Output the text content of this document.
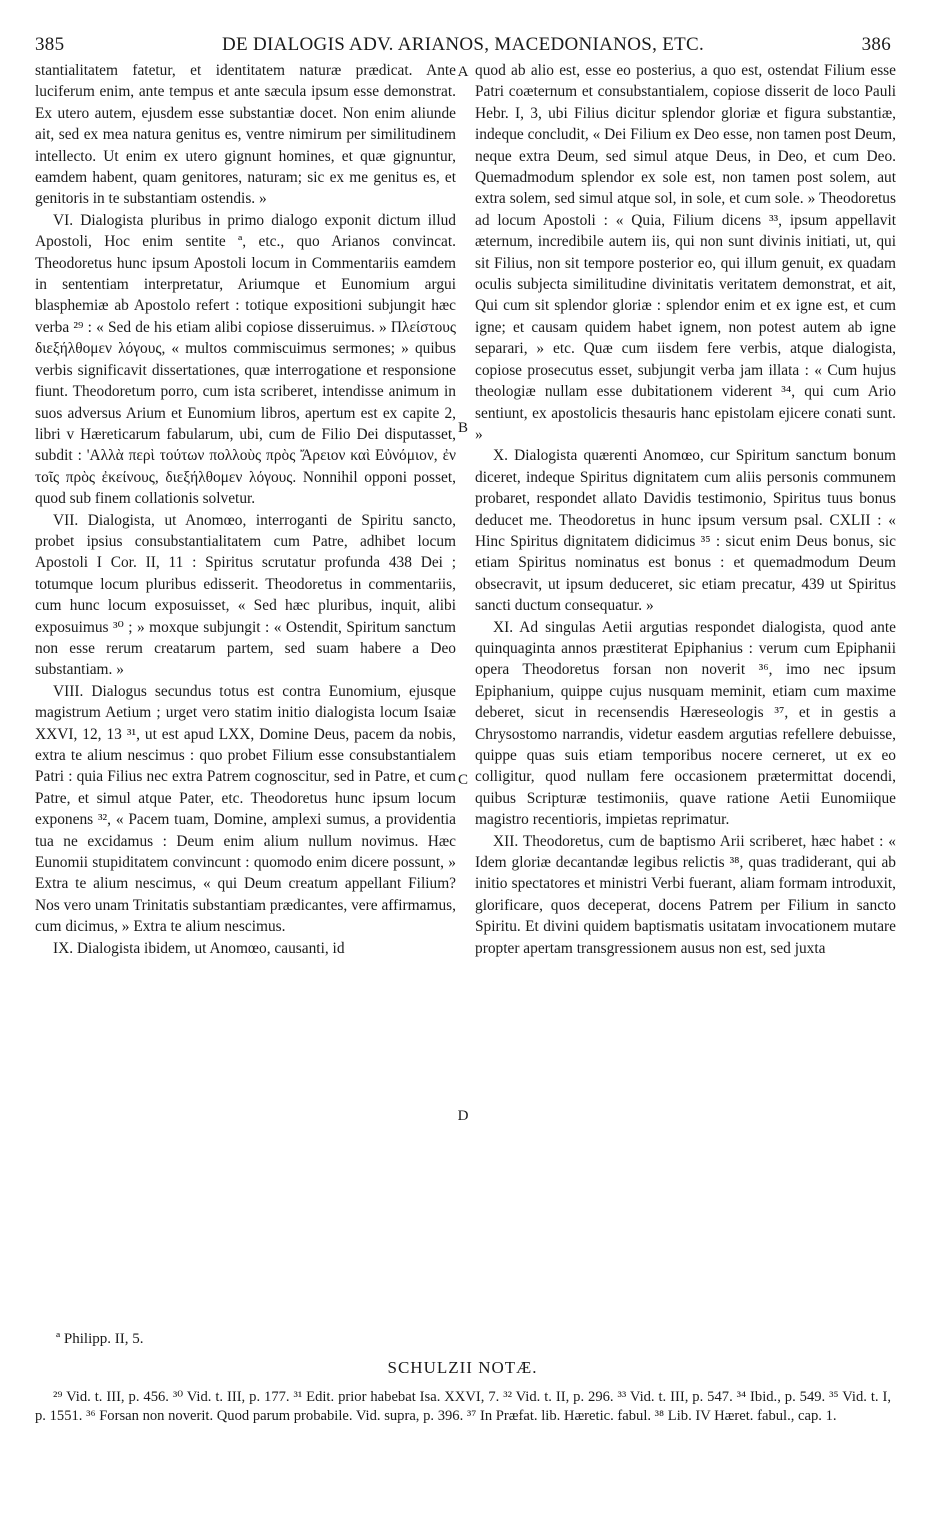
385	DE DIALOGIS ADV. ARIANOS, MACEDONIANOS, ETC.	386

stantialitatem fatetur, et identitatem naturæ prædicat. Ante luciferum enim, ante tempus et ante sæcula ipsum esse demonstrat. Ex utero autem, ejusdem esse substantiæ docet. Non enim aliunde ait, sed ex mea natura genitus es, ventre nimirum per similitudinem intellecto. Ut enim ex utero gignunt homines, et quæ gignuntur, eamdem habent, quam genitores, naturam; sic ex me genitus es, et genitoris in te substantiam ostendis. »

VI. Dialogista pluribus in primo dialogo exponit dictum illud Apostoli, Hoc enim sentite ª, etc., quo Arianos convincat. Theodoretus hunc ipsum Apostoli locum in Commentariis eamdem in sententiam interpretatur, Ariumque et Eunomium argui blasphemiæ ab Apostolo refert : totique expositioni subjungit hæc verba ²⁹ : « Sed de his etiam alibi copiose disseruimus. » Πλείστους διεξήλθομεν λόγους, « multos commiscuimus sermones; » quibus verbis significavit dissertationes, quæ interrogatione et responsione fiunt. Theodoretum porro, cum ista scriberet, intendisse animum in suos adversus Arium et Eunomium libros, apertum est ex capite 2, libri v Hæreticarum fabularum, ubi, cum de Filio Dei disputasset, subdit : 'Αλλὰ περὶ τούτων πολλοὺς πρὸς Ἄρειον καὶ Εὐνόμιον, ἐν τοῖς πρὸς ἐκείνους, διεξήλθομεν λόγους. Nonnihil opponi posset, quod sub finem collationis solvetur.

VII. Dialogista, ut Anomœo, interroganti de Spiritu sancto, probet ipsius consubstantialitatem cum Patre, adhibet locum Apostoli I Cor. II, 11 : Spiritus scrutatur profunda 438 Dei ; totumque locum pluribus edisserit. Theodoretus in commentariis, cum hunc locum exposuisset, « Sed hæc pluribus, inquit, alibi exposuimus ³⁰ ; » moxque subjungit : « Ostendit, Spiritum sanctum non esse rerum creatarum partem, sed suam habere a Deo substantiam. »

VIII. Dialogus secundus totus est contra Eunomium, ejusque magistrum Aetium ; urget vero statim initio dialogista locum Isaiæ XXVI, 12, 13 ³¹, ut est apud LXX, Domine Deus, pacem da nobis, extra te alium nescimus : quo probet Filium esse consubstantialem Patri : quia Filius nec extra Patrem cognoscitur, sed in Patre, et cum Patre, et simul atque Pater, etc. Theodoretus hunc ipsum locum exponens ³², « Pacem tuam, Domine, amplexi sumus, a providentia tua ne excidamus : Deum enim alium nullum novimus. Hæc Eunomii stupiditatem convincunt : quomodo enim dicere possunt, » Extra te alium nescimus, « qui Deum creatum appellant Filium? Nos vero unam Trinitatis substantiam prædicantes, vere affirmamus, cum dicimus, » Extra te alium nescimus.

IX. Dialogista ibidem, ut Anomœo, causanti, id

A
B
C
D

quod ab alio est, esse eo posterius, a quo est, ostendat Filium esse Patri coæternum et consubstantialem, copiose disserit de loco Pauli Hebr. I, 3, ubi Filius dicitur splendor gloriæ et figura substantiæ, indeque concludit, « Dei Filium ex Deo esse, non tamen post Deum, neque extra Deum, sed simul atque Deus, in Deo, et cum Deo. Quemadmodum splendor ex sole est, non tamen post solem, aut extra solem, sed simul atque sol, in sole, et cum sole. » Theodoretus ad locum Apostoli : « Quia, Filium dicens ³³, ipsum appellavit æternum, incredibile autem iis, qui non sunt divinis initiati, ut, qui sit Filius, non sit tempore posterior eo, qui illum genuit, ex quadam oculis subjecta similitudine divinitatis veritatem demonstrat, et ait, Qui cum sit splendor gloriæ : splendor enim et ex igne est, et cum igne; et causam quidem habet ignem, non potest autem ab igne separari, » etc. Quæ cum iisdem fere verbis, atque dialogista, copiose prosecutus esset, subjungit verba jam illata : « Cum hujus theologiæ nullam esse dubitationem viderent ³⁴, qui cum Ario sentiunt, ex apostolicis thesauris hanc epistolam ejicere conati sunt. »

X. Dialogista quærenti Anomœo, cur Spiritum sanctum bonum diceret, indeque Spiritus dignitatem cum aliis personis communem probaret, respondet allato Davidis testimonio, Spiritus tuus bonus deducet me. Theodoretus in hunc ipsum versum psal. CXLII : « Hinc Spiritus dignitatem didicimus ³⁵ : sicut enim Deus bonus, sic etiam Spiritus nominatus est bonus : et quemadmodum Deum obsecravit, ut ipsum deduceret, sic etiam precatur, 439 ut Spiritus sancti ductum consequatur. »

XI. Ad singulas Aetii argutias respondet dialogista, quod ante quinquaginta annos præstiterat Epiphanius : verum cum Epiphanii opera Theodoretus forsan non noverit ³⁶, imo nec ipsum Epiphanium, quippe cujus nusquam meminit, etiam cum maxime deberet, sicut in recensendis Hæreseologis ³⁷, et in gestis a Chrysostomo narrandis, videtur easdem argutias refellere debuisse, quippe quas suis etiam temporibus nocere cerneret, ut ex eo colligitur, quod nullam fere occasionem prætermittat docendi, quibus Scripturæ testimoniis, quave ratione Aetii Eunomiique magistro recentioris, impietas reprimatur.

XII. Theodoretus, cum de baptismo Arii scriberet, hæc habet : « Idem gloriæ decantandæ legibus relictis ³⁸, quas tradiderant, qui ab initio spectatores et ministri Verbi fuerant, aliam formam introduxit, glorificare, quos deceperat, docens Patrem per Filium in sancto Spiritu. Et divini quidem baptismatis usitatam invocationem mutare propter apertam transgressionem ausus non est, sed juxta

ª Philipp. II, 5.
SCHULZII NOTÆ.

²⁹ Vid. t. III, p. 456. ³⁰ Vid. t. III, p. 177. ³¹ Edit. prior habebat Isa. XXVI, 7. ³² Vid. t. II, p. 296. ³³ Vid. t. III, p. 547. ³⁴ Ibid., p. 549. ³⁵ Vid. t. I, p. 1551. ³⁶ Forsan non noverit. Quod parum probabile. Vid. supra, p. 396. ³⁷ In Præfat. lib. Hæretic. fabul. ³⁸ Lib. IV Hæret. fabul., cap. 1.
